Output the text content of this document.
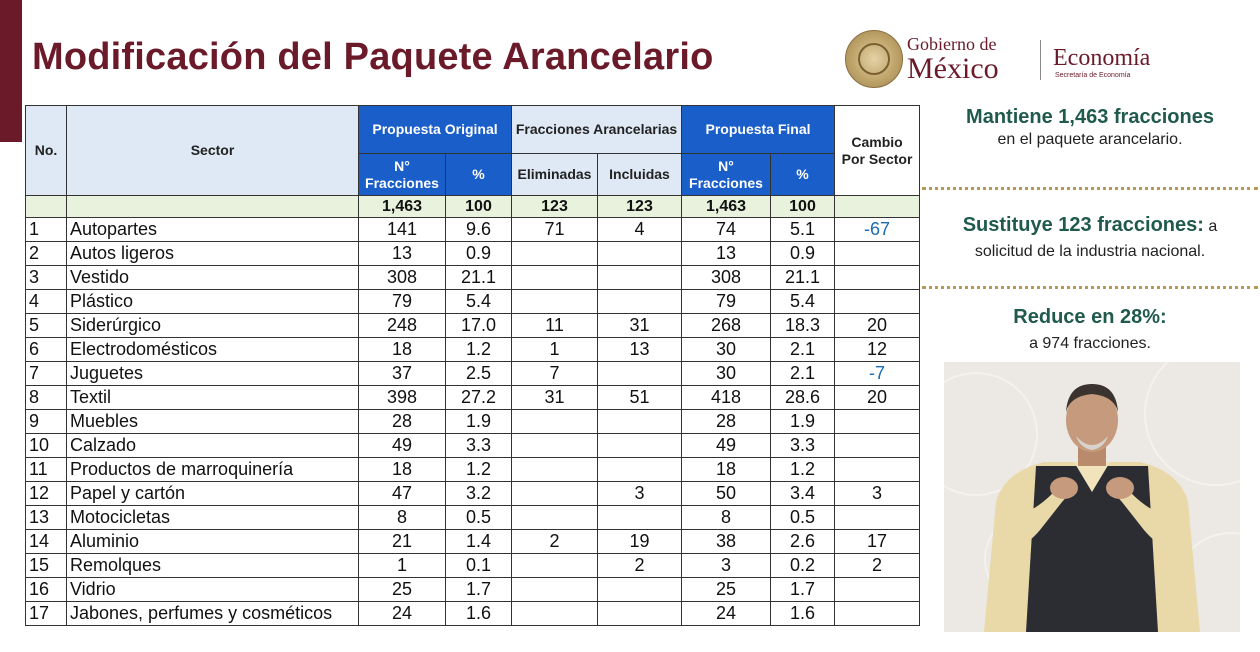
Modificación del Paquete Arancelario	Gobierno de
México Economía
Secretaría de Economía
No.	Sector	Propuesta Original		Fracciones Arancelarias		Propuesta Final		Cambio Por Sector
		N° Fracciones	%	Eliminadas	Incluidas	N° Fracciones	%	
		1,463	100	123	123	1,463	100	
1	Autopartes	141	9.6	71	4	74	5.1	-67
2	Autos ligeros	13	0.9			13	0.9	
3	Vestido	308	21.1			308	21.1	
4	Plástico	79	5.4			79	5.4	
5	Siderúrgico	248	17.0	11	31	268	18.3	20
6	Electrodomésticos	18	1.2	1	13	30	2.1	12
7	Juguetes	37	2.5	7		30	2.1	-7
8	Textil	398	27.2	31	51	418	28.6	20
9	Muebles	28	1.9			28	1.9	
10	Calzado	49	3.3			49	3.3	
11	Productos de marroquinería	18	1.2			18	1.2	
12	Papel y cartón	47	3.2		3	50	3.4	3
13	Motocicletas	8	0.5			8	0.5	
14	Aluminio	21	1.4	2	19	38	2.6	17
15	Remolques	1	0.1		2	3	0.2	2
16	Vidrio	25	1.7			25	1.7	
17	Jabones, perfumes y cosméticos	24	1.6			24	1.6	
Mantiene 1,463 fracciones
en el paquete arancelario.
Sustituye 123 fracciones: a
solicitud de la industria nacional.
Reduce en 28%:
a 974 fracciones.
